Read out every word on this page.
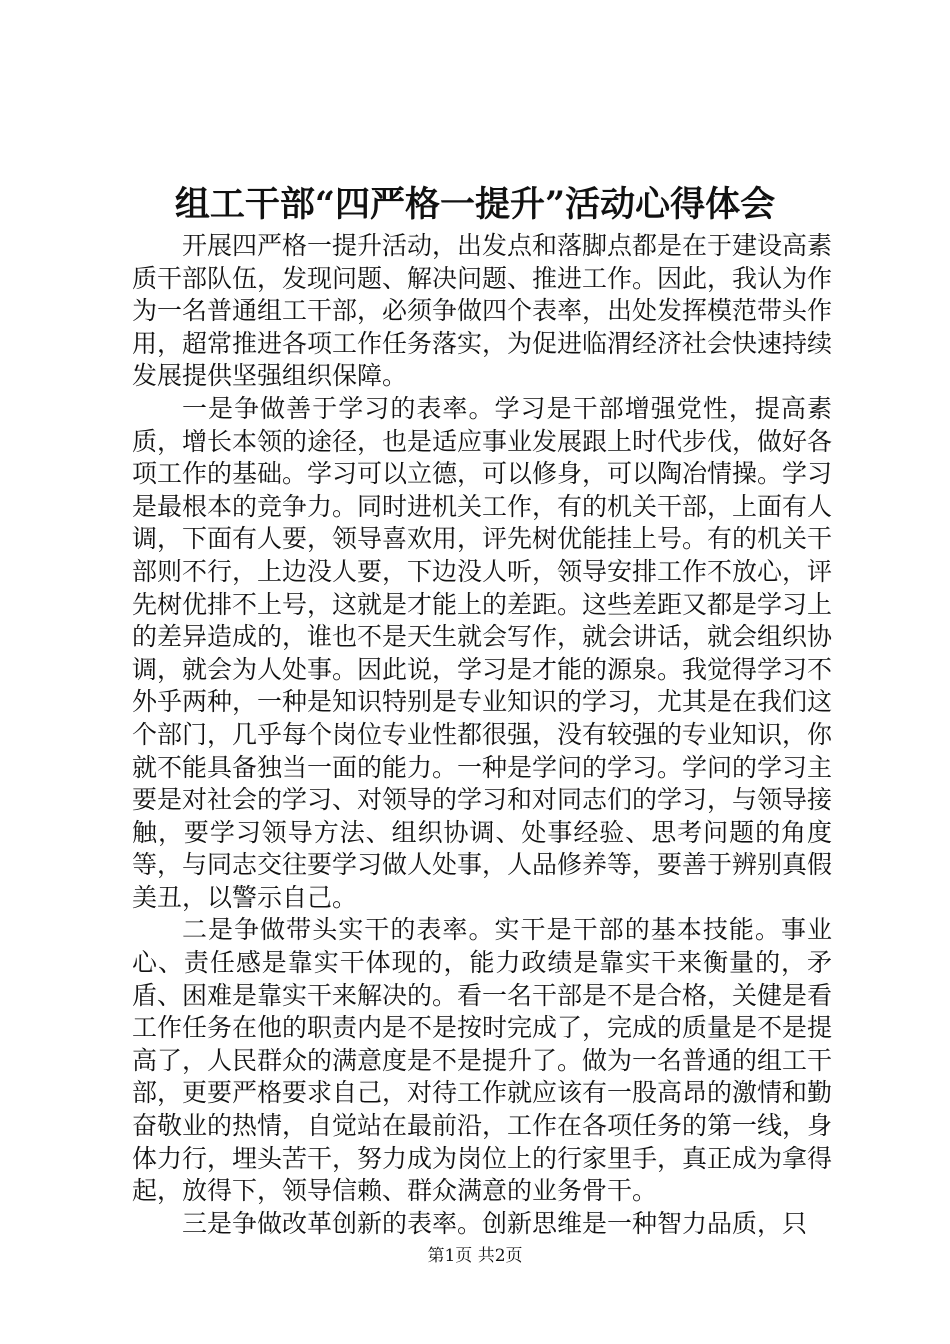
组工干部“四严格一提升”活动心得体会

开展四严格一提升活动，出发点和落脚点都是在于建设高素质干部队伍，发现问题、解决问题、推进工作。因此，我认为作为一名普通组工干部，必须争做四个表率，出处发挥模范带头作用，超常推进各项工作任务落实，为促进临渭经济社会快速持续发展提供坚强组织保障。

一是争做善于学习的表率。学习是干部增强党性，提高素质，增长本领的途径，也是适应事业发展跟上时代步伐，做好各项工作的基础。学习可以立德，可以修身，可以陶冶情操。学习是最根本的竞争力。同时进机关工作，有的机关干部，上面有人调，下面有人要，领导喜欢用，评先树优能挂上号。有的机关干部则不行，上边没人要，下边没人听，领导安排工作不放心，评先树优排不上号，这就是才能上的差距。这些差距又都是学习上的差异造成的，谁也不是天生就会写作，就会讲话，就会组织协调，就会为人处事。因此说，学习是才能的源泉。我觉得学习不外乎两种，一种是知识特别是专业知识的学习，尤其是在我们这个部门，几乎每个岗位专业性都很强，没有较强的专业知识，你就不能具备独当一面的能力。一种是学问的学习。学问的学习主要是对社会的学习、对领导的学习和对同志们的学习，与领导接触，要学习领导方法、组织协调、处事经验、思考问题的角度等，与同志交往要学习做人处事，人品修养等，要善于辨别真假美丑，以警示自己。

二是争做带头实干的表率。实干是干部的基本技能。事业心、责任感是靠实干体现的，能力政绩是靠实干来衡量的，矛盾、困难是靠实干来解决的。看一名干部是不是合格，关健是看工作任务在他的职责内是不是按时完成了，完成的质量是不是提高了，人民群众的满意度是不是提升了。做为一名普通的组工干部，更要严格要求自己，对待工作就应该有一股高昂的激情和勤奋敬业的热情，自觉站在最前沿，工作在各项任务的第一线，身体力行，埋头苦干，努力成为岗位上的行家里手，真正成为拿得起，放得下，领导信赖、群众满意的业务骨干。

三是争做改革创新的表率。创新思维是一种智力品质，只

第1页 共2页
